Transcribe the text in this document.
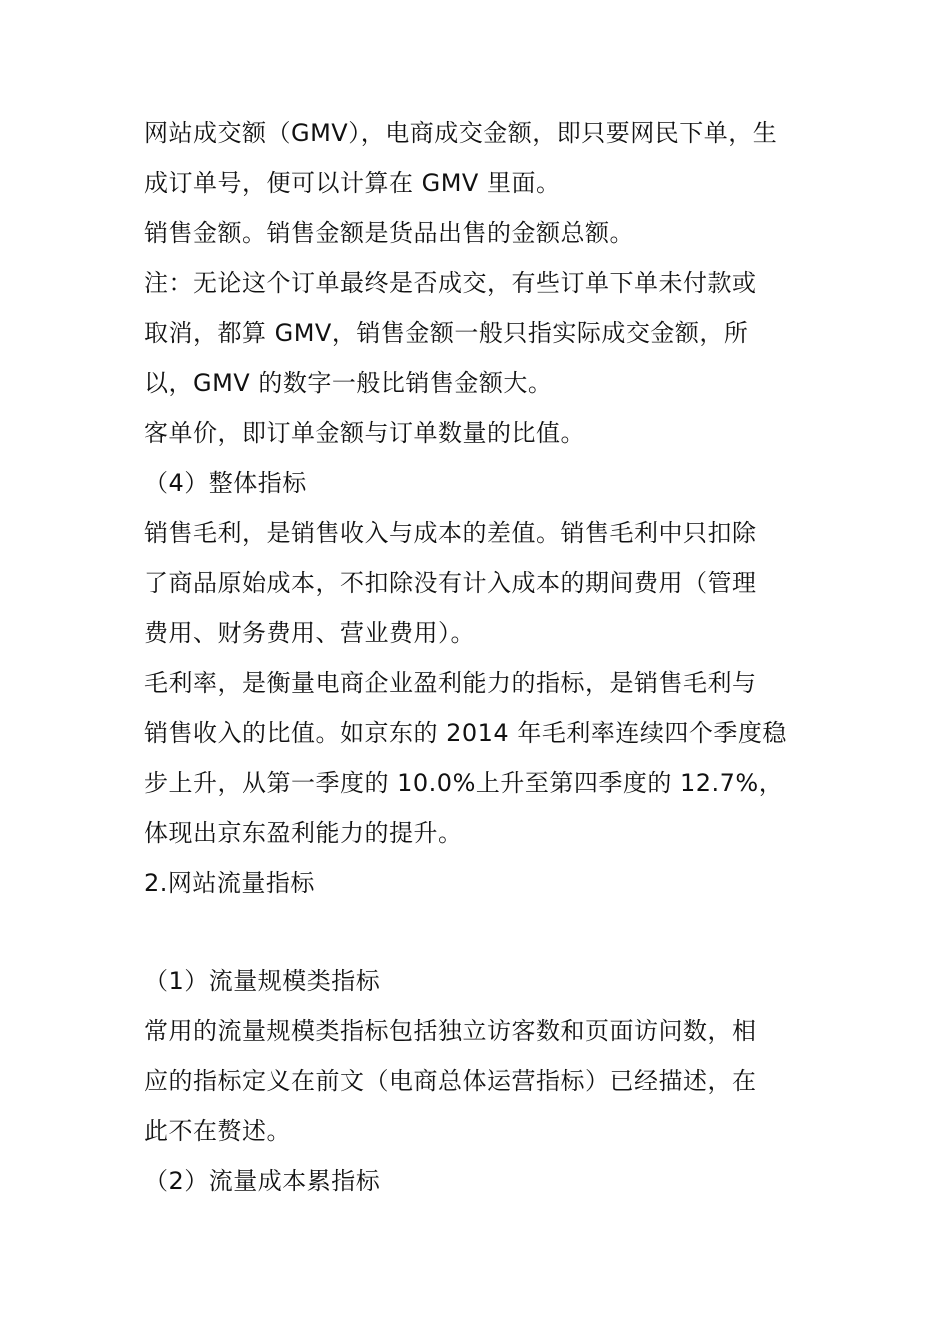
网站成交额（GMV），电商成交金额，即只要网民下单，生
成订单号，便可以计算在 GMV 里面。
销售金额。销售金额是货品出售的金额总额。
注：无论这个订单最终是否成交，有些订单下单未付款或
取消，都算 GMV，销售金额一般只指实际成交金额，所
以，GMV 的数字一般比销售金额大。
客单价，即订单金额与订单数量的比值。
（4）整体指标
销售毛利，是销售收入与成本的差值。销售毛利中只扣除
了商品原始成本，不扣除没有计入成本的期间费用（管理
费用、财务费用、营业费用）。
毛利率，是衡量电商企业盈利能力的指标，是销售毛利与
销售收入的比值。如京东的 2014 年毛利率连续四个季度稳
步上升，从第一季度的 10.0%上升至第四季度的 12.7%，
体现出京东盈利能力的提升。
2.网站流量指标
（1）流量规模类指标
常用的流量规模类指标包括独立访客数和页面访问数，相
应的指标定义在前文（电商总体运营指标）已经描述，在
此不在赘述。
（2）流量成本累指标
